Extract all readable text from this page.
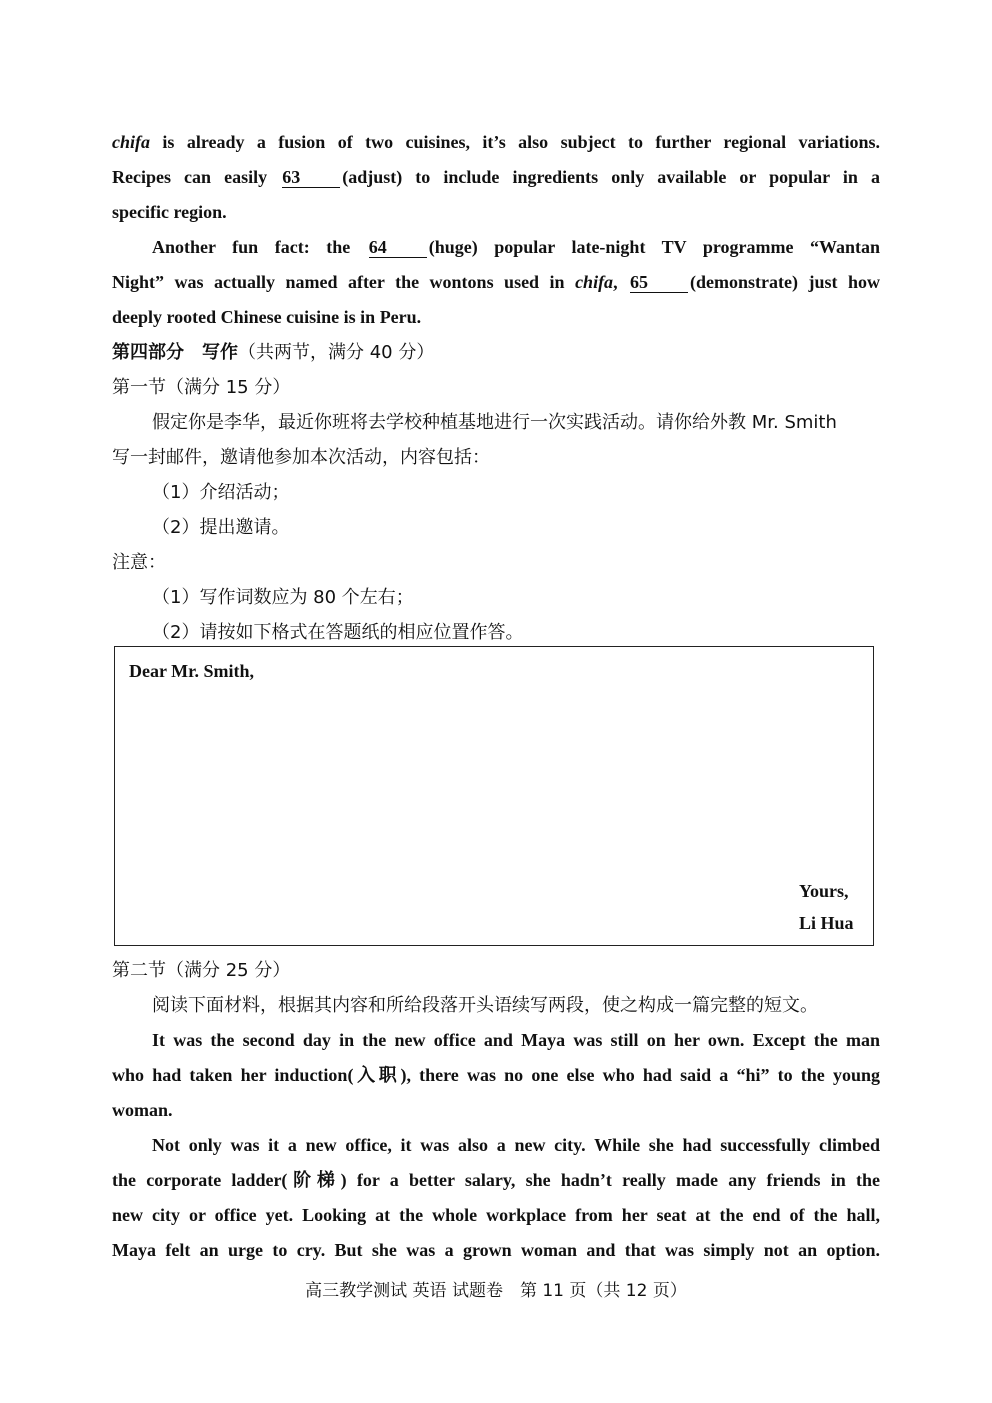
chifa is already a fusion of two cuisines, it’s also subject to further regional variations.
Recipes can easily 63 (adjust) to include ingredients only available or popular in a
specific region.
Another fun fact: the 64 (huge) popular late-night TV programme “Wantan
Night” was actually named after the wontons used in chifa, 65 (demonstrate) just how
deeply rooted Chinese cuisine is in Peru.
第四部分　写作（共两节，满分 40 分）
第一节（满分 15 分）
假定你是李华，最近你班将去学校种植基地进行一次实践活动。请你给外教 Mr. Smith
写一封邮件，邀请他参加本次活动，内容包括：
（1）介绍活动；
（2）提出邀请。
注意：
（1）写作词数应为 80 个左右；
（2）请按如下格式在答题纸的相应位置作答。
Dear Mr. Smith,
Yours,
Li Hua
第二节（满分 25 分）
阅读下面材料，根据其内容和所给段落开头语续写两段，使之构成一篇完整的短文。
It was the second day in the new office and Maya was still on her own. Except the man
who had taken her induction(入职), there was no one else who had said a “hi” to the young
woman.
Not only was it a new office, it was also a new city. While she had successfully climbed
the corporate ladder(阶梯) for a better salary, she hadn’t really made any friends in the
new city or office yet. Looking at the whole workplace from her seat at the end of the hall,
Maya felt an urge to cry. But she was a grown woman and that was simply not an option.
高三教学测试 英语 试题卷　第 11 页（共 12 页）
